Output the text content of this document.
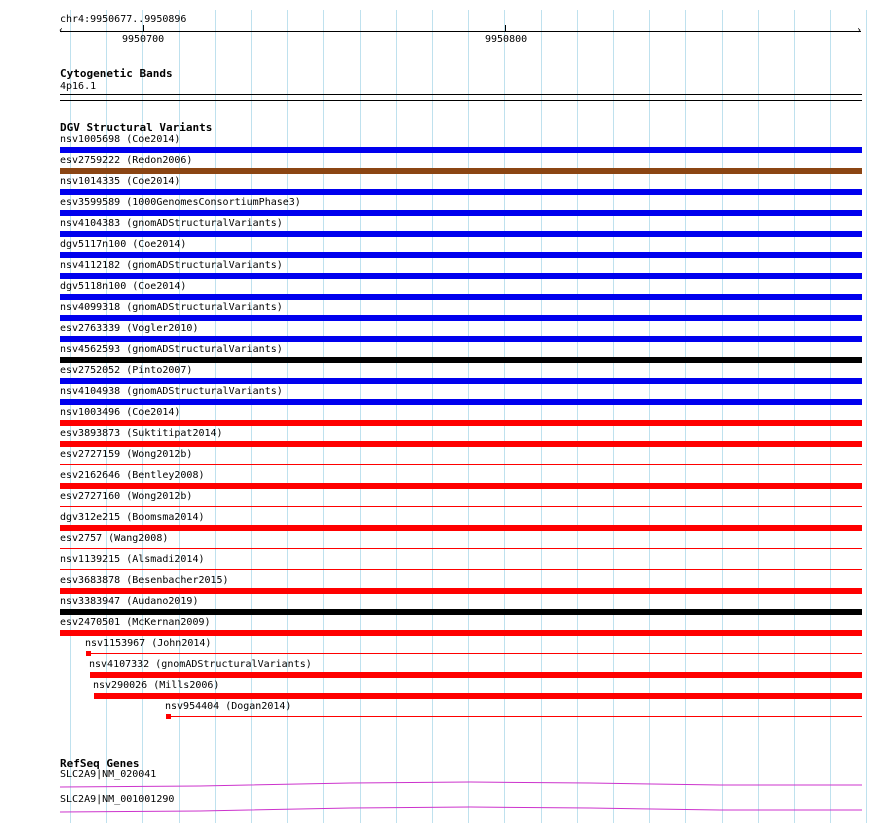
chr4:9950677..9950896
‹	›
9950700	9950800
Cytogenetic Bands
4p16.1
DGV Structural Variants
nsv1005698 (Coe2014)
esv2759222 (Redon2006)
nsv1014335 (Coe2014)
esv3599589 (1000GenomesConsortiumPhase3)
nsv4104383 (gnomADStructuralVariants)
dgv5117n100 (Coe2014)
nsv4112182 (gnomADStructuralVariants)
dgv5118n100 (Coe2014)
nsv4099318 (gnomADStructuralVariants)
esv2763339 (Vogler2010)
nsv4562593 (gnomADStructuralVariants)
esv2752052 (Pinto2007)
nsv4104938 (gnomADStructuralVariants)
nsv1003496 (Coe2014)
esv3893873 (Suktitipat2014)
esv2727159 (Wong2012b)
esv2162646 (Bentley2008)
esv2727160 (Wong2012b)
dgv312e215 (Boomsma2014)
esv2757 (Wang2008)
nsv1139215 (Alsmadi2014)
esv3683878 (Besenbacher2015)
nsv3383947 (Audano2019)
esv2470501 (McKernan2009)
nsv1153967 (John2014)
nsv4107332 (gnomADStructuralVariants)
nsv290026 (Mills2006)
nsv954404 (Dogan2014)
RefSeq Genes
SLC2A9|NM_020041
SLC2A9|NM_001001290
